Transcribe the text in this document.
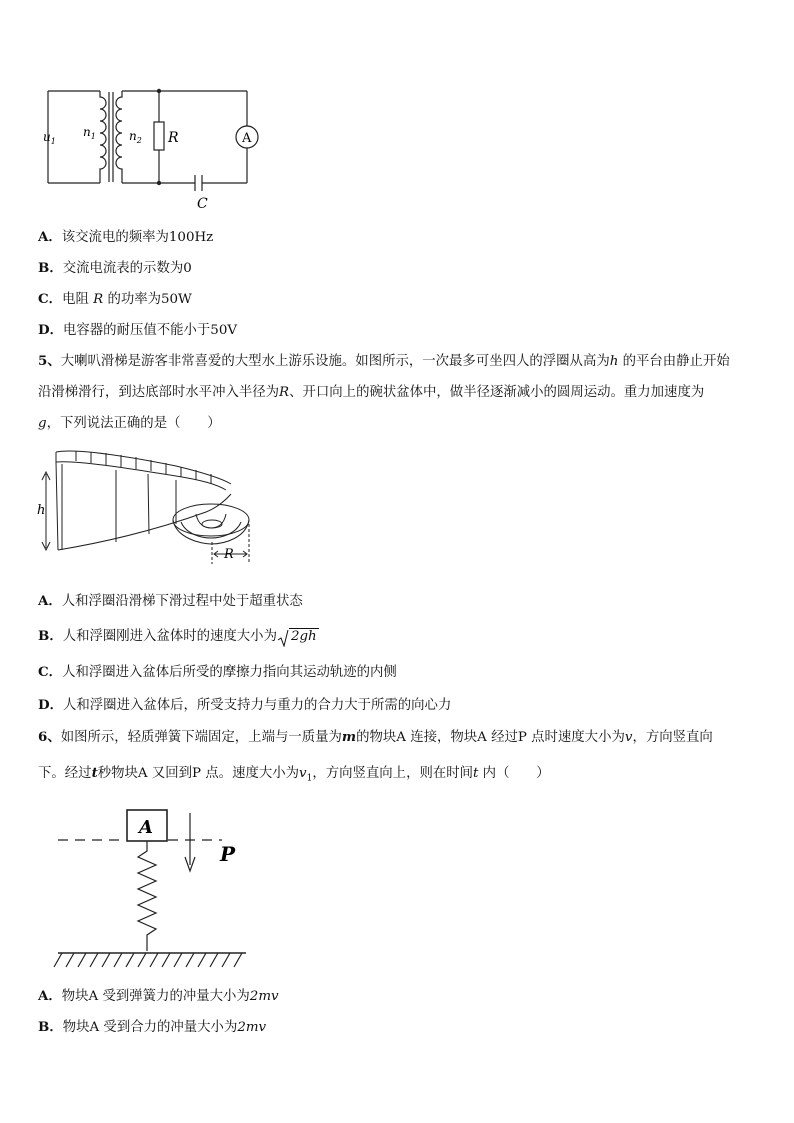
$u_1$
$n_1$	$n_2$ R	A
C
A．该交流电的频率为100Hz
B．交流电流表的示数为0
C．电阻 R 的功率为50W
D．电容器的耐压值不能小于50V
5、大喇叭滑梯是游客非常喜爱的大型水上游乐设施。如图所示，一次最多可坐四人的浮圈从高为h 的平台由静止开始
沿滑梯滑行，到达底部时水平冲入半径为R、开口向上的碗状盆体中，做半径逐渐减小的圆周运动。重力加速度为
g，下列说法正确的是（　　）
h
R
A．人和浮圈沿滑梯下滑过程中处于超重状态
B．人和浮圈刚进入盆体时的速度大小为 2gh
C．人和浮圈进入盆体后所受的摩擦力指向其运动轨迹的内侧
D．人和浮圈进入盆体后，所受支持力与重力的合力大于所需的向心力
6、如图所示，轻质弹簧下端固定，上端与一质量为m的物块A 连接，物块A 经过P 点时速度大小为v，方向竖直向
下。经过t秒物块A 又回到P 点。速度大小为$v_1$，方向竖直向上，则在时间t 内（　　）
A
P
A．物块A 受到弹簧力的冲量大小为2mv
B．物块A 受到合力的冲量大小为2mv
